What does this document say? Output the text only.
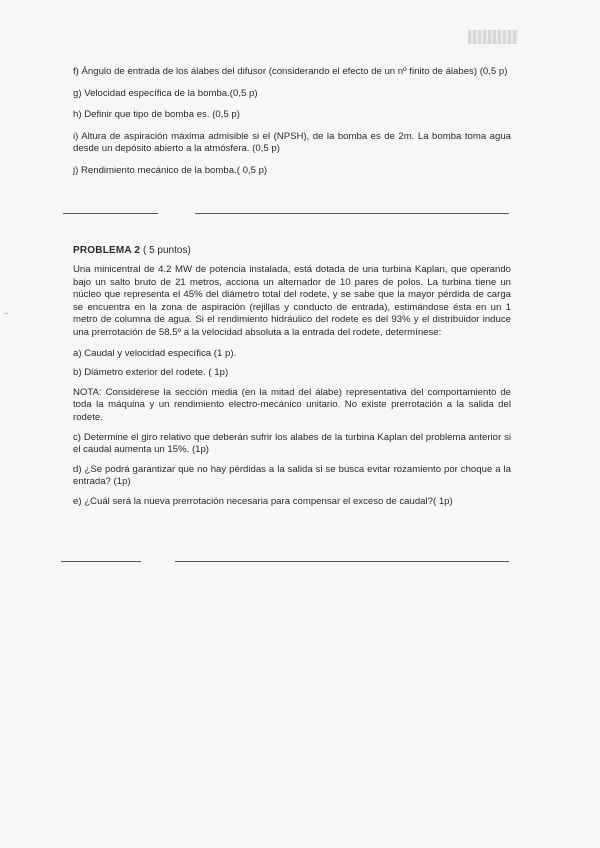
..

f) Ángulo de entrada de los álabes del difusor (considerando el efecto de un nº finito de álabes) (0,5 p)

g) Velocidad específica de la bomba.(0,5 p)

h) Definir que tipo de bomba es. (0,5 p)

i) Altura de aspiración máxima admisible si el (NPSH), de la bomba es de 2m. La bomba toma agua desde un depósito abierto a la atmósfera. (0,5 p)

j) Rendimiento mecánico de la bomba.( 0,5 p)

PROBLEMA 2 ( 5 puntos)

Una minicentral de 4.2 MW de potencia instalada, está dotada de una turbina Kaplan, que operando bajo un salto bruto de 21 metros, acciona un alternador de 10 pares de polos. La turbina tiene un núcleo que representa el 45% del diámetro total del rodete, y se sabe que la mayor pérdida de carga se encuentra en la zona de aspiración (rejillas y conducto de entrada), estimándose ésta en un 1 metro de columna de agua. Si el rendimiento hidráulico del rodete es del 93% y el distribuidor induce una prerrotación de 58.5º a la velocidad absoluta a la entrada del rodete, determínese:

a) Caudal y velocidad específica (1 p).

b) Diámetro exterior del rodete. ( 1p)

NOTA: Considérese la sección media (en la mitad del álabe) representativa del comportamiento de toda la máquina y un rendimiento electro-mecánico unitario. No existe prerrotación a la salida del rodete.

c) Determine el giro relativo que deberán sufrir los alabes de la turbina Kaplan del problema anterior si el caudal aumenta un 15%. (1p)

d) ¿Se podrá garantizar que no hay pérdidas a la salida si se busca evitar rozamiento por choque a la entrada? (1p)

e) ¿Cuál será la nueva prerrotación necesaria para compensar el exceso de caudal?( 1p)
